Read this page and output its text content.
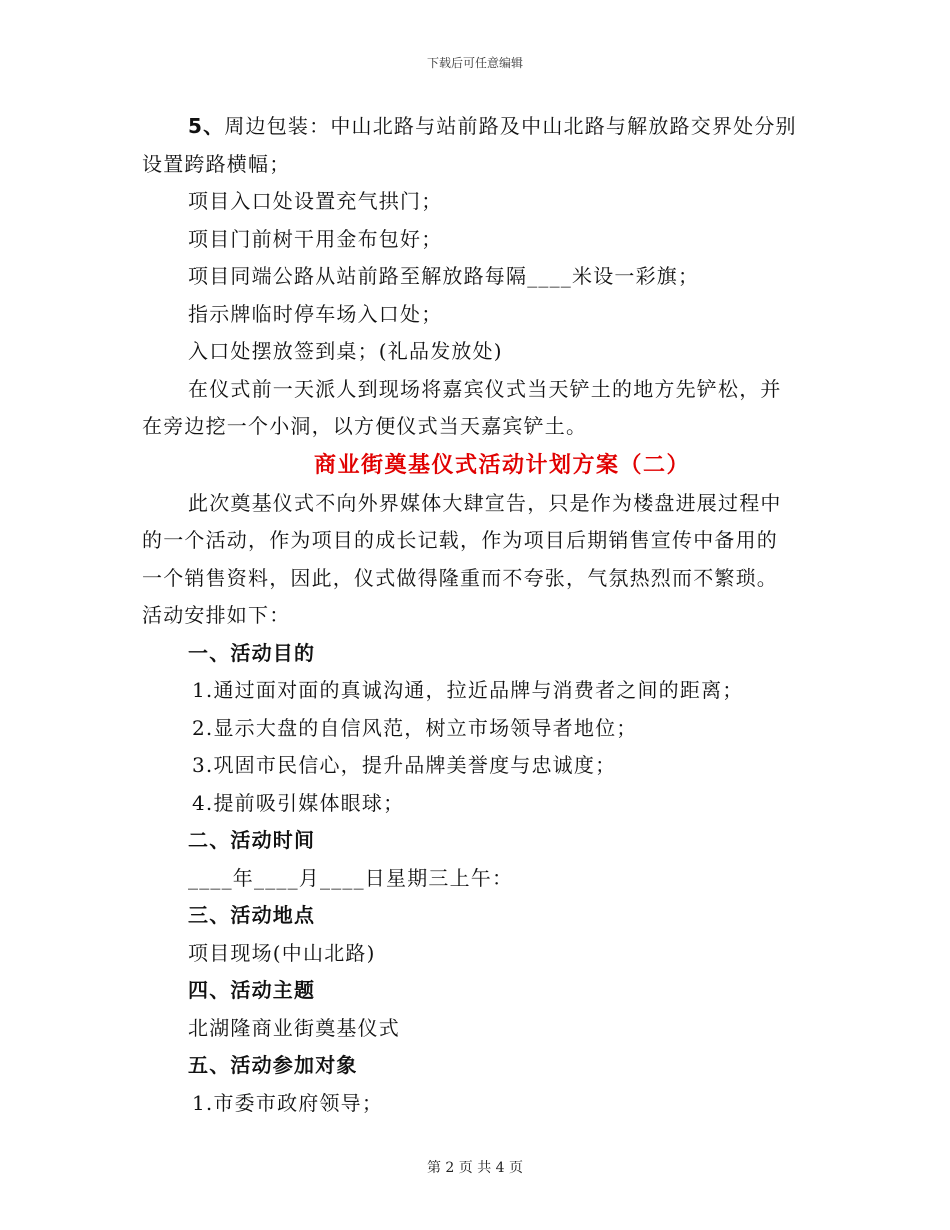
下载后可任意编辑
5、周边包装：中山北路与站前路及中山北路与解放路交界处分别
设置跨路横幅；
项目入口处设置充气拱门；
项目门前树干用金布包好；
项目同端公路从站前路至解放路每隔____米设一彩旗；
指示牌临时停车场入口处；
入口处摆放签到桌；(礼品发放处)
在仪式前一天派人到现场将嘉宾仪式当天铲土的地方先铲松，并
在旁边挖一个小洞，以方便仪式当天嘉宾铲土。
商业街奠基仪式活动计划方案（二）
此次奠基仪式不向外界媒体大肆宣告，只是作为楼盘进展过程中
的一个活动，作为项目的成长记载，作为项目后期销售宣传中备用的
一个销售资料，因此，仪式做得隆重而不夸张，气氛热烈而不繁琐。
活动安排如下：
一、活动目的
1.通过面对面的真诚沟通，拉近品牌与消费者之间的距离；
2.显示大盘的自信风范，树立市场领导者地位；
3.巩固市民信心，提升品牌美誉度与忠诚度；
4.提前吸引媒体眼球；
二、活动时间
____年____月____日星期三上午：
三、活动地点
项目现场(中山北路)
四、活动主题
北湖隆商业街奠基仪式
五、活动参加对象
1.市委市政府领导；
第 2 页 共 4 页
